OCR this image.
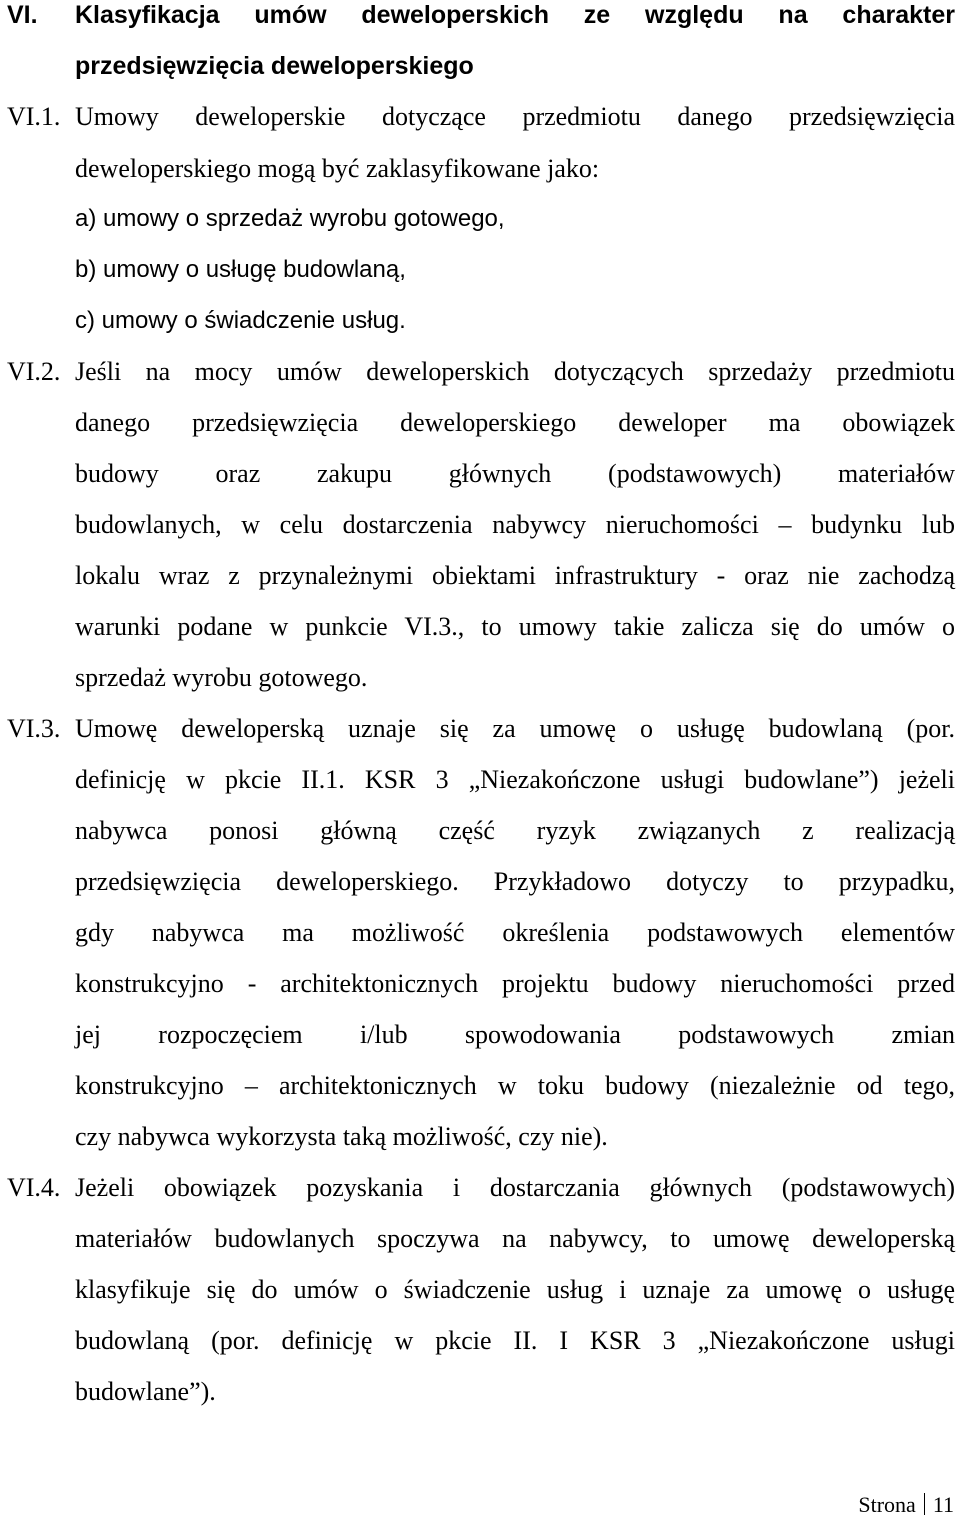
VI. Klasyfikacja umów deweloperskich ze względu na charakter
przedsięwzięcia deweloperskiego
VI.1. Umowy deweloperskie dotyczące przedmiotu danego przedsięwzięcia
deweloperskiego mogą być zaklasyfikowane jako:
a) umowy o sprzedaż wyrobu gotowego,
b) umowy o usługę budowlaną,
c) umowy o świadczenie usług.
VI.2. Jeśli na mocy umów deweloperskich dotyczących sprzedaży przedmiotu
danego przedsięwzięcia deweloperskiego deweloper ma obowiązek
budowy oraz zakupu głównych (podstawowych) materiałów
budowlanych, w celu dostarczenia nabywcy nieruchomości – budynku lub
lokalu wraz z przynależnymi obiektami infrastruktury - oraz nie zachodzą
warunki podane w punkcie VI.3., to umowy takie zalicza się do umów o
sprzedaż wyrobu gotowego.
VI.3. Umowę deweloperską uznaje się za umowę o usługę budowlaną (por.
definicję w pkcie II.1. KSR 3 „Niezakończone usługi budowlane”) jeżeli
nabywca ponosi główną część ryzyk związanych z realizacją
przedsięwzięcia deweloperskiego. Przykładowo dotyczy to przypadku,
gdy nabywca ma możliwość określenia podstawowych elementów
konstrukcyjno - architektonicznych projektu budowy nieruchomości przed
jej rozpoczęciem i/lub spowodowania podstawowych zmian
konstrukcyjno – architektonicznych w toku budowy (niezależnie od tego,
czy nabywca wykorzysta taką możliwość, czy nie).
VI.4. Jeżeli obowiązek pozyskania i dostarczania głównych (podstawowych)
materiałów budowlanych spoczywa na nabywcy, to umowę deweloperską
klasyfikuje się do umów o świadczenie usług i uznaje za umowę o usługę
budowlaną (por. definicję w pkcie II. I KSR 3 „Niezakończone usługi
budowlane”).
Strona 11
